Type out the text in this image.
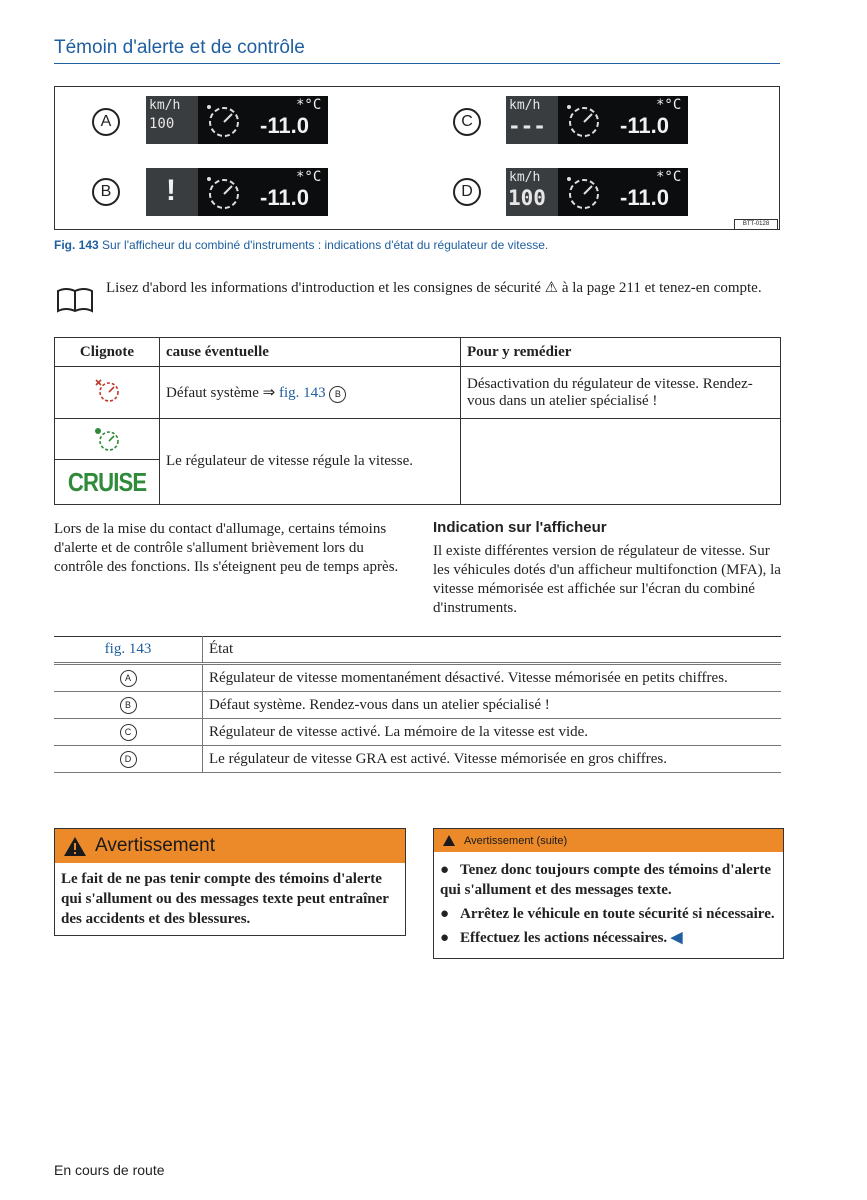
Témoin d'alerte et de contrôle
A
km/h
100
*°C
-11.0
B !	*°C
-11.0
C
km/h
---
*°C
-11.0
D
km/h
100
*°C
-11.0
BTT-0128
Fig. 143 Sur l'afficheur du combiné d'instruments : indications d'état du régulateur de vitesse.
Lisez d'abord les informations d'introduction et les consignes de sécurité ⚠ à la page 211 et tenez-en compte.
Clignote	cause éventuelle	Pour y remédier
	Défaut système ⇒ fig. 143 B	Désactivation du régulateur de vitesse. Rendez-vous dans un atelier spécialisé !

CRUISE	Le régulateur de vitesse régule la vitesse.	
Lors de la mise du contact d'allumage, certains témoins d'alerte et de contrôle s'allument brièvement lors du contrôle des fonctions. Ils s'éteignent peu de temps après.
Indication sur l'afficheur
Il existe différentes version de régulateur de vitesse. Sur les véhicules dotés d'un afficheur multifonction (MFA), la vitesse mémorisée est affichée sur l'écran du combiné d'instruments.
fig. 143	État
A	Régulateur de vitesse momentanément désactivé. Vitesse mémorisée en petits chiffres.
B	Défaut système. Rendez-vous dans un atelier spécialisé !
C	Régulateur de vitesse activé. La mémoire de la vitesse est vide.
D	Le régulateur de vitesse GRA est activé. Vitesse mémorisée en gros chiffres.
Avertissement
Le fait de ne pas tenir compte des témoins d'alerte qui s'allument ou des messages texte peut entraîner des accidents et des blessures.
Avertissement (suite)
● Tenez donc toujours compte des témoins d'alerte qui s'allument et des messages texte.
● Arrêtez le véhicule en toute sécurité si nécessaire.
● Effectuez les actions nécessaires. ◀
En cours de route
